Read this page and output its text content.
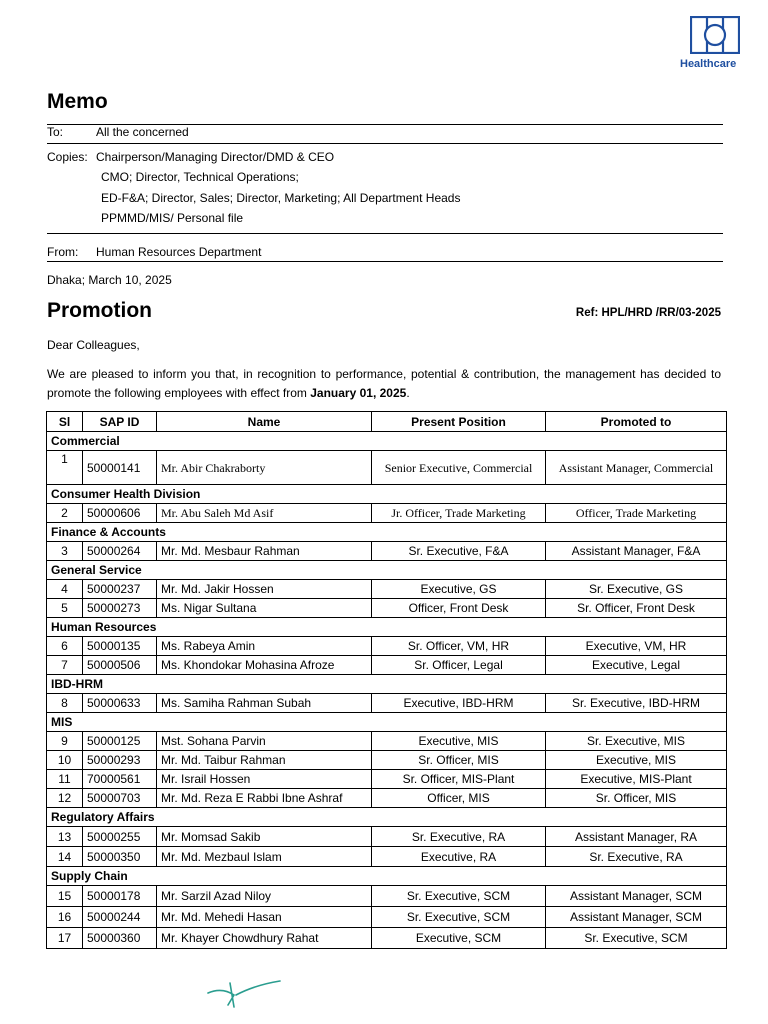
Healthcare
Memo
To:	All the concerned
Copies: Chairperson/Managing Director/DMD & CEO
CMO; Director, Technical Operations;
ED-F&A; Director, Sales; Director, Marketing; All Department Heads
PPMMD/MIS/ Personal file
From: Human Resources Department
Dhaka; March 10, 2025
Promotion	Ref: HPL/HRD /RR/03-2025
Dear Colleagues,
We are pleased to inform you that, in recognition to performance, potential & contribution, the management has decided to promote the following employees with effect from January 01, 2025.
Sl	SAP ID	Name	Present Position	Promoted to
Commercial				
1	50000141	Mr. Abir Chakraborty	Senior Executive, Commercial	Assistant Manager, Commercial
Consumer Health Division				
2	50000606	Mr. Abu Saleh Md Asif	Jr. Officer, Trade Marketing	Officer, Trade Marketing
Finance & Accounts				
3	50000264	Mr. Md. Mesbaur Rahman	Sr. Executive, F&A	Assistant Manager, F&A
General Service				
4	50000237	Mr. Md. Jakir Hossen	Executive, GS	Sr. Executive, GS
5	50000273	Ms. Nigar Sultana	Officer, Front Desk	Sr. Officer, Front Desk
Human Resources				
6	50000135	Ms. Rabeya Amin	Sr. Officer, VM, HR	Executive, VM, HR
7	50000506	Ms. Khondokar Mohasina Afroze	Sr. Officer, Legal	Executive, Legal
IBD-HRM				
8	50000633	Ms. Samiha Rahman Subah	Executive, IBD-HRM	Sr. Executive, IBD-HRM
MIS				
9	50000125	Mst. Sohana Parvin	Executive, MIS	Sr. Executive, MIS
10	50000293	Mr. Md. Taibur Rahman	Sr. Officer, MIS	Executive, MIS
11	70000561	Mr. Israil Hossen	Sr. Officer, MIS-Plant	Executive, MIS-Plant
12	50000703	Mr. Md. Reza E Rabbi Ibne Ashraf	Officer, MIS	Sr. Officer, MIS
Regulatory Affairs				
13	50000255	Mr. Momsad Sakib	Sr. Executive, RA	Assistant Manager, RA
14	50000350	Mr. Md. Mezbaul Islam	Executive, RA	Sr. Executive, RA
Supply Chain				
15	50000178	Mr. Sarzil Azad Niloy	Sr. Executive, SCM	Assistant Manager, SCM
16	50000244	Mr. Md. Mehedi Hasan	Sr. Executive, SCM	Assistant Manager, SCM
17	50000360	Mr. Khayer Chowdhury Rahat	Executive, SCM	Sr. Executive, SCM
